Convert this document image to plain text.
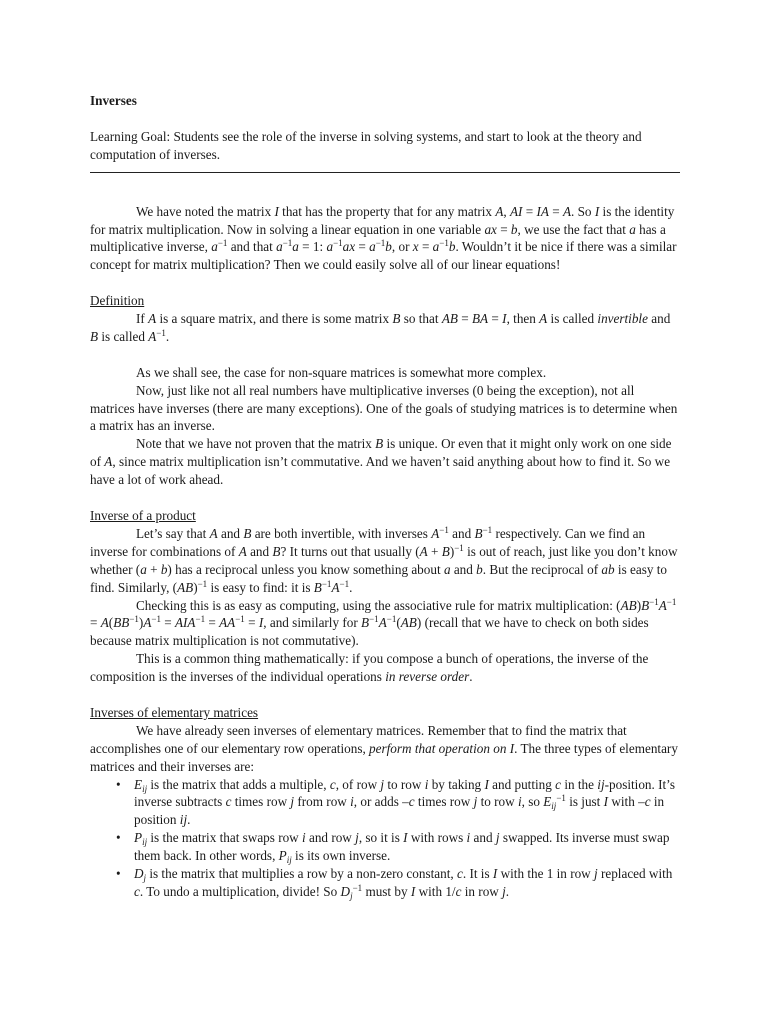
Inverses

Learning Goal: Students see the role of the inverse in solving systems, and start to look at the theory and computation of inverses.

We have noted the matrix I that has the property that for any matrix A, AI = IA = A. So I is the identity for matrix multiplication. Now in solving a linear equation in one variable ax = b, we use the fact that a has a multiplicative inverse, $a^{-1}$ and that $a^{-1}a = 1$: $a^{-1}ax = a^{-1}b$, or $x = a^{-1}b$. Wouldn’t it be nice if there was a similar concept for matrix multiplication? Then we could easily solve all of our linear equations!

Definition

If A is a square matrix, and there is some matrix B so that AB = BA = I, then A is called invertible and B is called $A^{-1}$.

As we shall see, the case for non-square matrices is somewhat more complex.

Now, just like not all real numbers have multiplicative inverses (0 being the exception), not all matrices have inverses (there are many exceptions). One of the goals of studying matrices is to determine when a matrix has an inverse.

Note that we have not proven that the matrix B is unique. Or even that it might only work on one side of A, since matrix multiplication isn’t commutative. And we haven’t said anything about how to find it. So we have a lot of work ahead.

Inverse of a product

Let’s say that A and B are both invertible, with inverses $A^{-1}$ and $B^{-1}$ respectively. Can we find an inverse for combinations of A and B? It turns out that usually $(A + B)^{-1}$ is out of reach, just like you don’t know whether (a + b) has a reciprocal unless you know something about a and b. But the reciprocal of ab is easy to find. Similarly, (AB)$^{-1}$ is easy to find: it is $B^{-1}A^{-1}$.

Checking this is as easy as computing, using the associative rule for matrix multiplication: $(AB)B^{-1}A^{-1} = A(BB^{-1})A^{-1} = AIA^{-1} = AA^{-1} = I$, and similarly for $B^{-1}A^{-1}(AB)$ (recall that we have to check on both sides because matrix multiplication is not commutative).

This is a common thing mathematically: if you compose a bunch of operations, the inverse of the composition is the inverses of the individual operations in reverse order.

Inverses of elementary matrices

We have already seen inverses of elementary matrices. Remember that to find the matrix that accomplishes one of our elementary row operations, perform that operation on I. The three types of elementary matrices and their inverses are:

• $E_{ij}$ is the matrix that adds a multiple, c, of row j to row i by taking I and putting c in the ij-position. It’s inverse subtracts c times row j from row i, or adds –c times row j to row i, so $E_{ij}^{-1}$ is just I with –c in position ij.
• $P_{ij}$ is the matrix that swaps row i and row j, so it is I with rows i and j swapped. Its inverse must swap them back. In other words, $P_{ij}$ is its own inverse.
• $D_j$ is the matrix that multiplies a row by a non-zero constant, c. It is I with the 1 in row j replaced with c. To undo a multiplication, divide! So $D_j^{-1}$ must by I with 1/c in row j.
